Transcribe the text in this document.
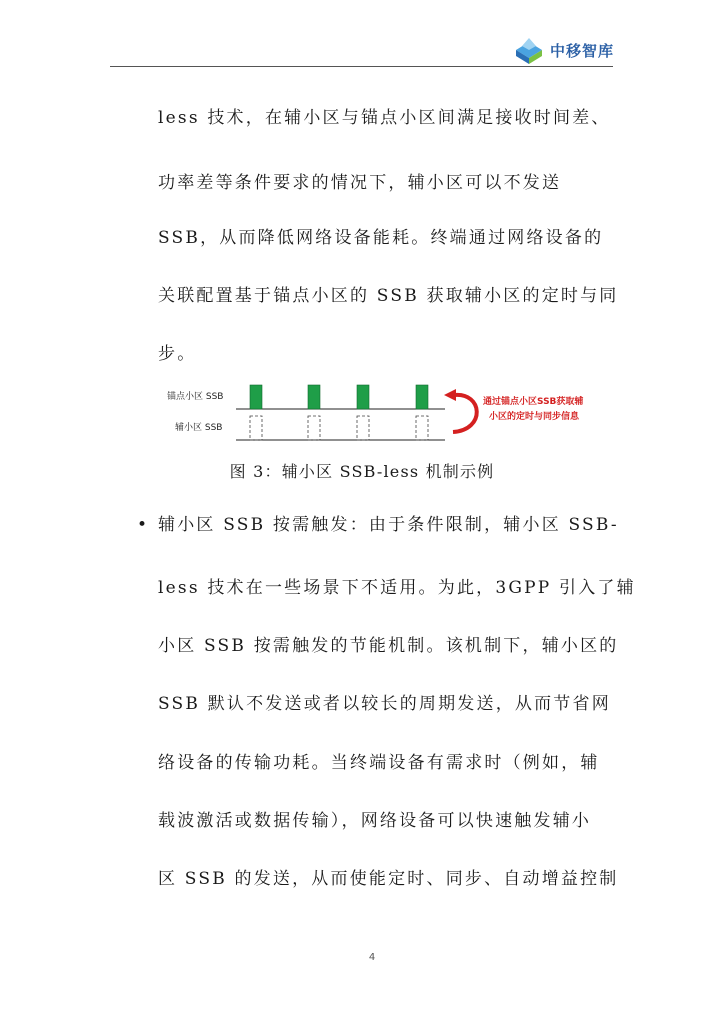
中移智库
less 技术，在辅小区与锚点小区间满足接收时间差、
功率差等条件要求的情况下，辅小区可以不发送
SSB，从而降低网络设备能耗。终端通过网络设备的
关联配置基于锚点小区的 SSB 获取辅小区的定时与同
步。
锚点小区 SSB
辅小区 SSB
通过锚点小区SSB获取辅
小区的定时与同步信息
图 3：辅小区 SSB-less 机制示例
• 辅小区 SSB 按需触发：由于条件限制，辅小区 SSB-
less 技术在一些场景下不适用。为此，3GPP 引入了辅
小区 SSB 按需触发的节能机制。该机制下，辅小区的
SSB 默认不发送或者以较长的周期发送，从而节省网
络设备的传输功耗。当终端设备有需求时（例如，辅
载波激活或数据传输），网络设备可以快速触发辅小
区 SSB 的发送，从而使能定时、同步、自动增益控制
4
